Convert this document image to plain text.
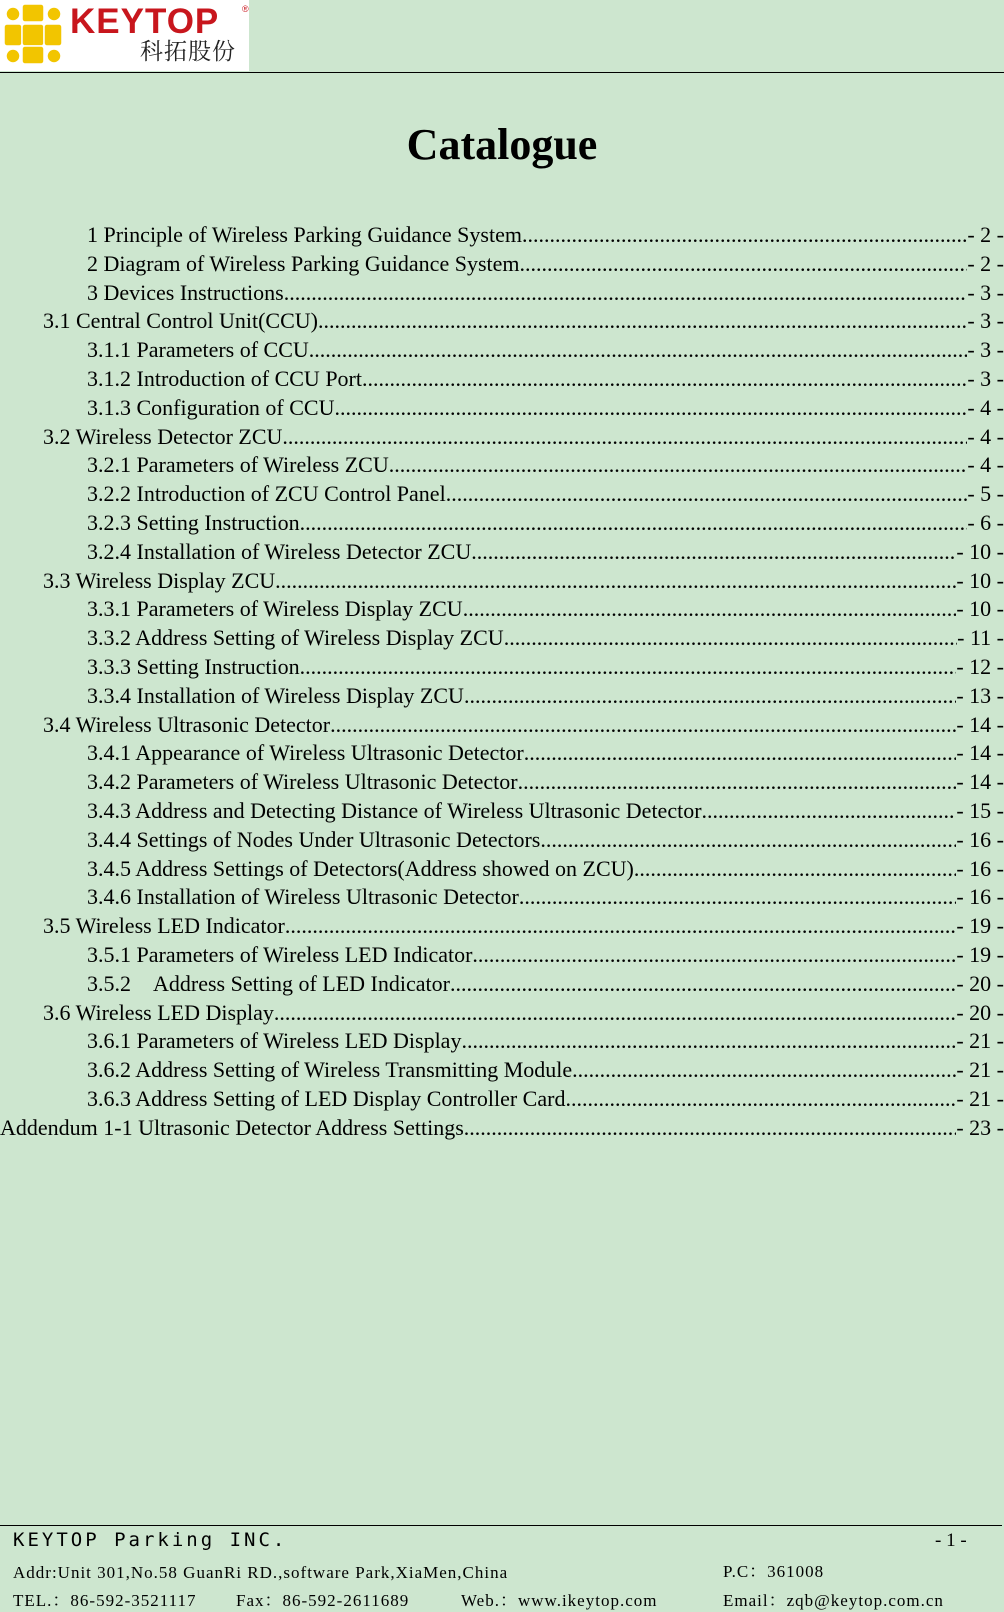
KEYTOP	®
科拓股份
Catalogue
1 Principle of Wireless Parking Guidance System .....	- 2 -
2 Diagram of Wireless Parking Guidance System .....	- 2 -
3 Devices Instructions .....	- 3 -
3.1 Central Control Unit(CCU) .....	- 3 -
3.1.1 Parameters of CCU .....	- 3 -
3.1.2 Introduction of CCU Port .....	- 3 -
3.1.3 Configuration of CCU .....	- 4 -
3.2 Wireless Detector ZCU .....	- 4 -
3.2.1 Parameters of Wireless ZCU .....	- 4 -
3.2.2 Introduction of ZCU Control Panel .....	- 5 -
3.2.3 Setting Instruction .....	- 6 -
3.2.4 Installation of Wireless Detector ZCU .....	- 10 -
3.3 Wireless Display ZCU .....	- 10 -
3.3.1 Parameters of Wireless Display ZCU .....	- 10 -
3.3.2 Address Setting of Wireless Display ZCU .....	- 11 -
3.3.3 Setting Instruction .....	- 12 -
3.3.4 Installation of Wireless Display ZCU .....	- 13 -
3.4 Wireless Ultrasonic Detector .....	- 14 -
3.4.1 Appearance of Wireless Ultrasonic Detector .....	- 14 -
3.4.2 Parameters of Wireless Ultrasonic Detector .....	- 14 -
3.4.3 Address and Detecting Distance of Wireless Ultrasonic Detector .....	- 15 -
3.4.4 Settings of Nodes Under Ultrasonic Detectors .....	- 16 -
3.4.5 Address Settings of Detectors(Address showed on ZCU) .....	- 16 -
3.4.6 Installation of Wireless Ultrasonic Detector .....	- 16 -
3.5 Wireless LED Indicator .....	- 19 -
3.5.1 Parameters of Wireless LED Indicator .....	- 19 -
3.5.2    Address Setting of LED Indicator .....	- 20 -
3.6 Wireless LED Display .....	- 20 -
3.6.1 Parameters of Wireless LED Display .....	- 21 -
3.6.2 Address Setting of Wireless Transmitting Module .....	- 21 -
3.6.3 Address Setting of LED Display Controller Card .....	- 21 -
Addendum 1-1 Ultrasonic Detector Address Settings .....	- 23 -
KEYTOP Parking INC.	- 1 -
Addr:Unit 301,No.58 GuanRi RD.,software Park,XiaMen,China	P.C：361008
TEL.：86-592-3521117 Fax：86-592-2611689	Web.：www.ikeytop.com	Email：zqb@keytop.com.cn
